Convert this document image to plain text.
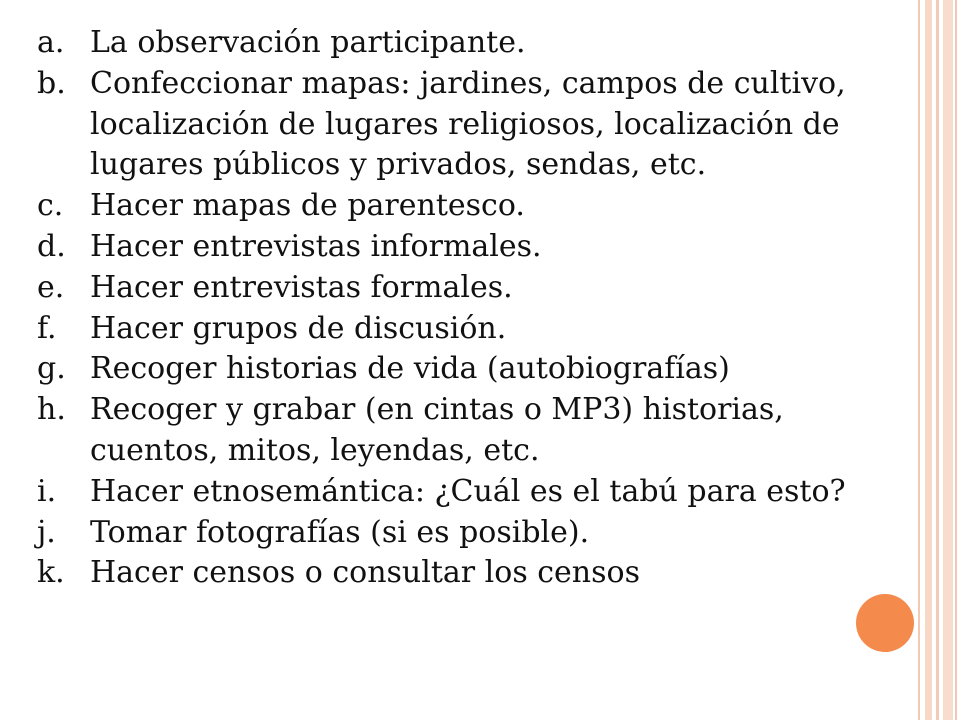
a. La observación participante.
b. Confeccionar mapas: jardines, campos de cultivo, localización de lugares religiosos, localización de lugares públicos y privados, sendas, etc.
c. Hacer mapas de parentesco.
d. Hacer entrevistas informales.
e. Hacer entrevistas formales.
f. Hacer grupos de discusión.
g. Recoger historias de vida (autobiografías)
h. Recoger y grabar (en cintas o MP3) historias, cuentos, mitos, leyendas, etc.
i. Hacer etnosemántica: ¿Cuál es el tabú para esto?
j. Tomar fotografías (si es posible).
k. Hacer censos o consultar los censos
